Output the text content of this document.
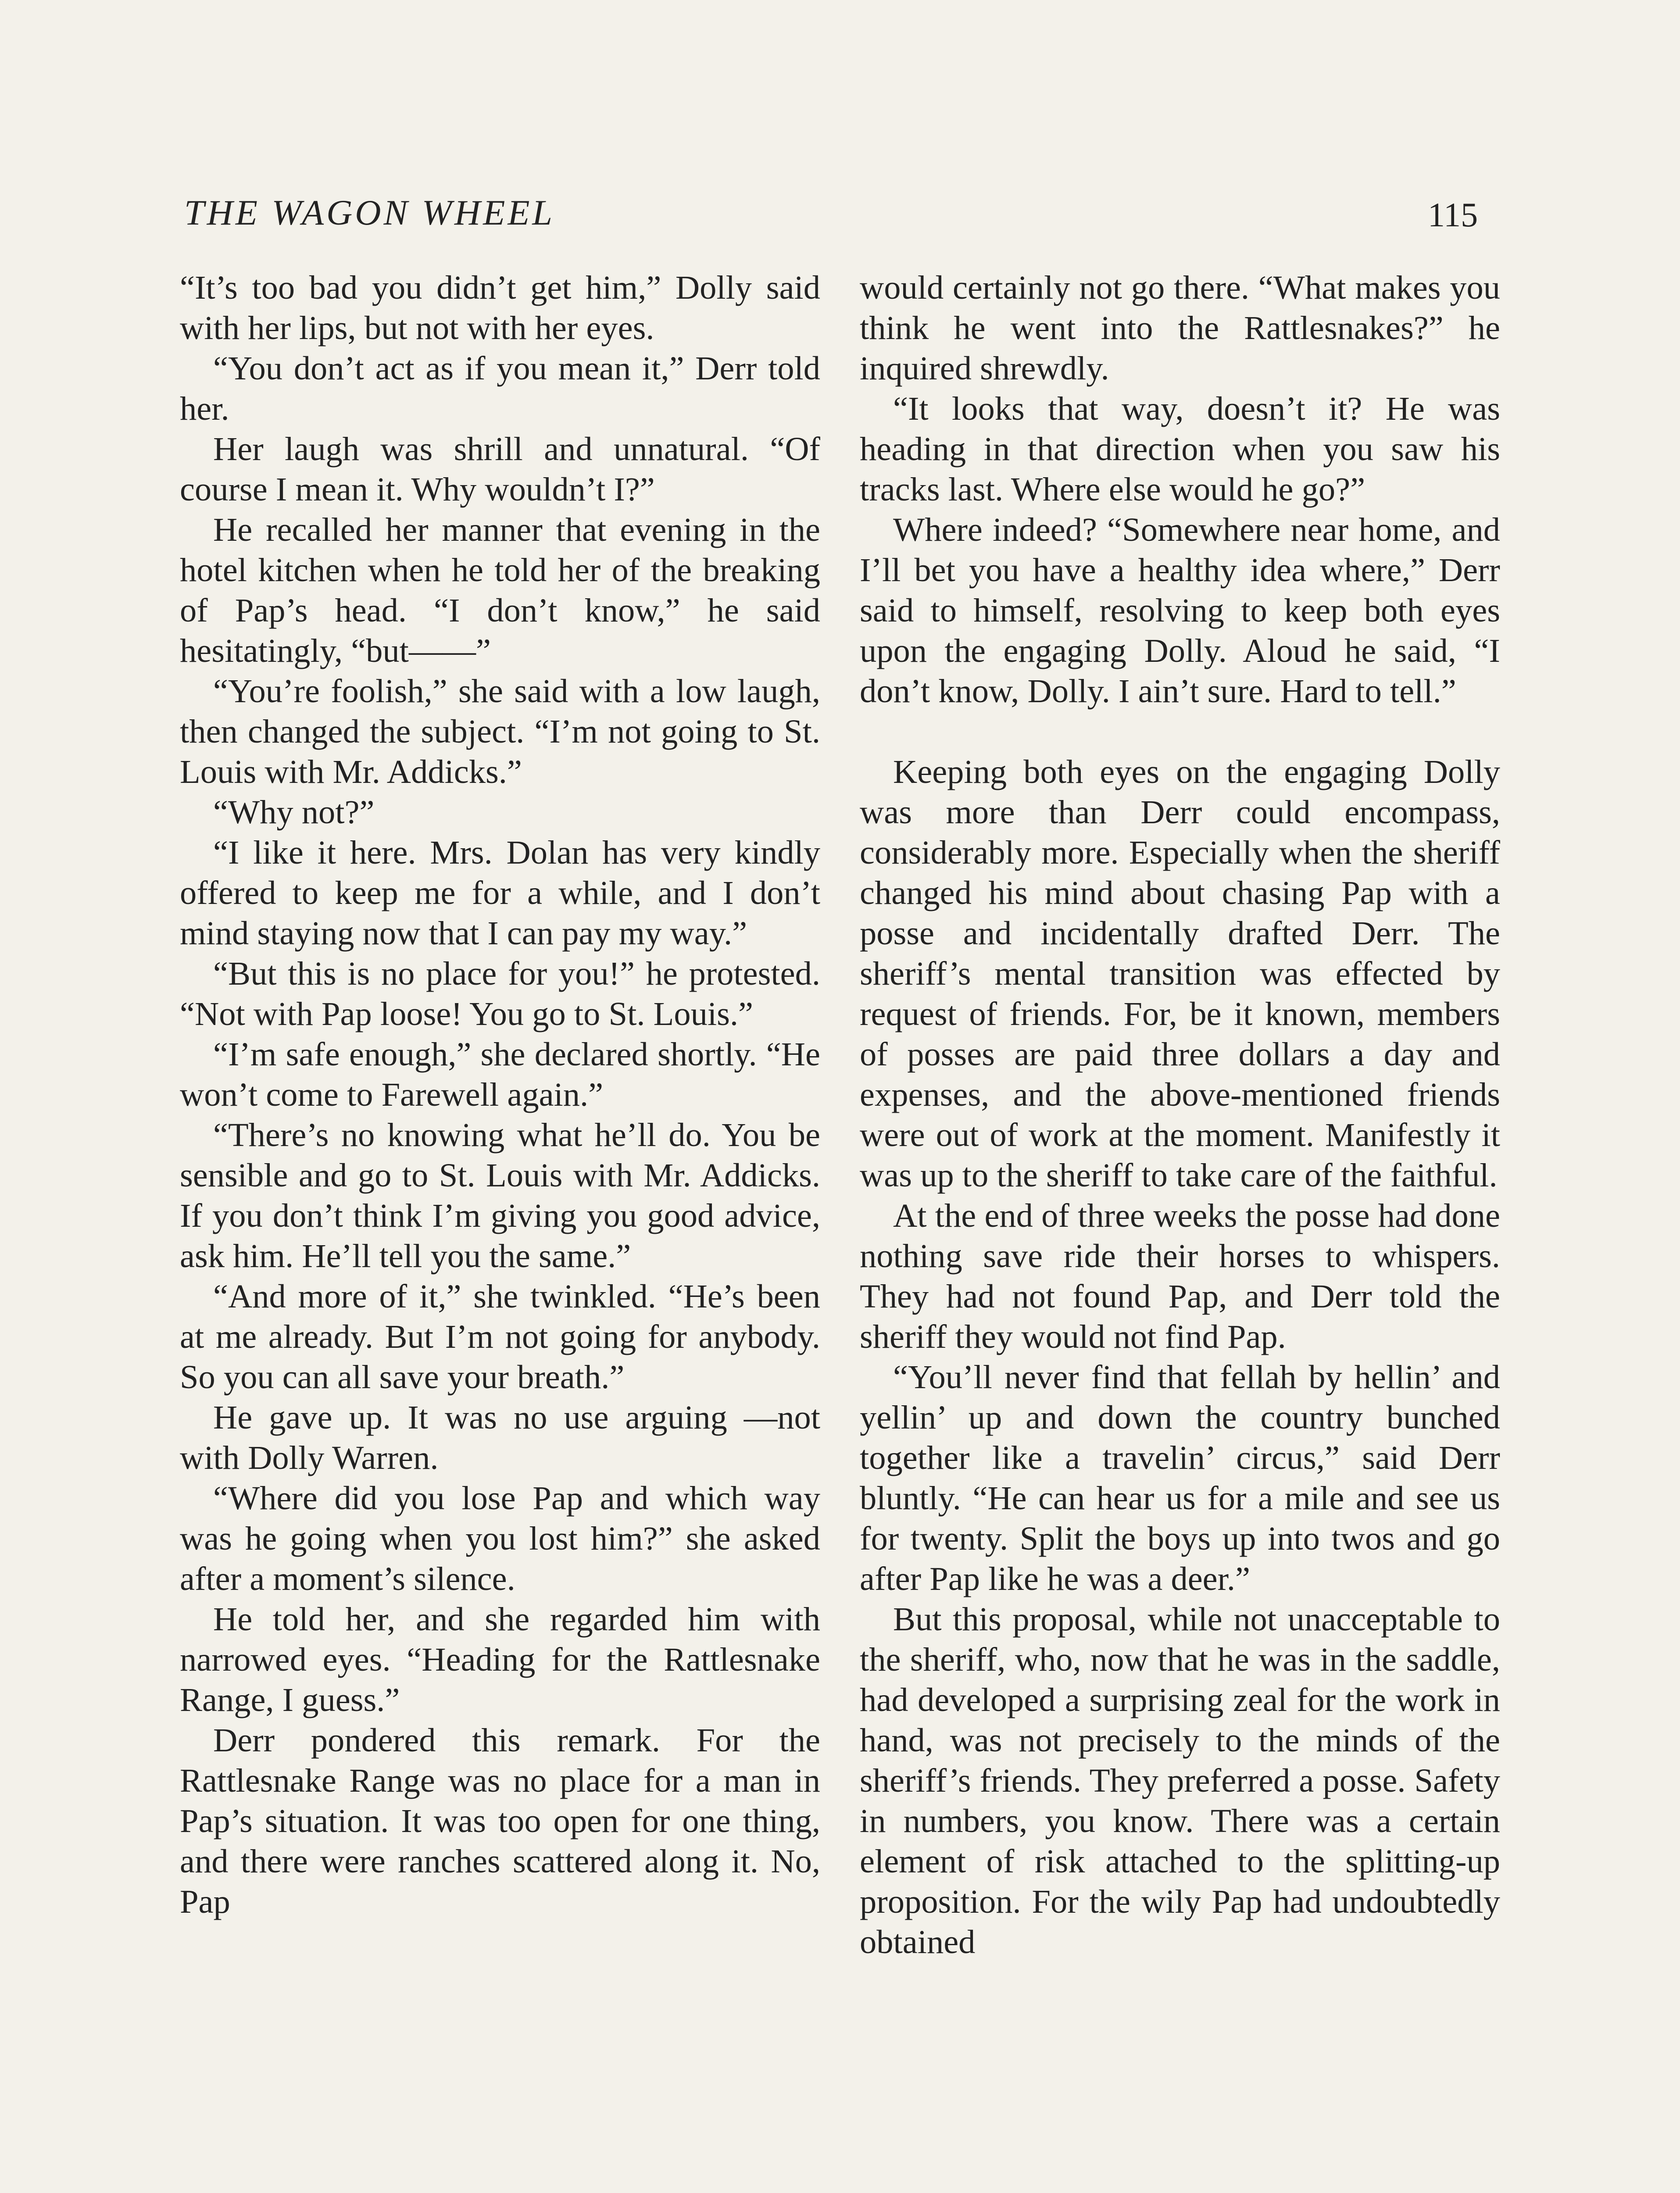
THE WAGON WHEEL	115

“It’s too bad you didn’t get him,” Dolly said with her lips, but not with her eyes.

“You don’t act as if you mean it,” Derr told her.

Her laugh was shrill and unnatural. “Of course I mean it. Why wouldn’t I?”

He recalled her manner that evening in the hotel kitchen when he told her of the breaking of Pap’s head. “I don’t know,” he said hesitatingly, “but——”

“You’re foolish,” she said with a low laugh, then changed the subject. “I’m not going to St. Louis with Mr. Addicks.”

“Why not?”

“I like it here. Mrs. Dolan has very kindly offered to keep me for a while, and I don’t mind staying now that I can pay my way.”

“But this is no place for you!” he protested. “Not with Pap loose! You go to St. Louis.”

“I’m safe enough,” she declared shortly. “He won’t come to Farewell again.”

“There’s no knowing what he’ll do. You be sensible and go to St. Louis with Mr. Addicks. If you don’t think I’m giving you good advice, ask him. He’ll tell you the same.”

“And more of it,” she twinkled. “He’s been at me already. But I’m not going for anybody. So you can all save your breath.”

He gave up. It was no use arguing —not with Dolly Warren.

“Where did you lose Pap and which way was he going when you lost him?” she asked after a moment’s silence.

He told her, and she regarded him with narrowed eyes. “Heading for the Rattlesnake Range, I guess.”

Derr pondered this remark. For the Rattlesnake Range was no place for a man in Pap’s situation. It was too open for one thing, and there were ranches scattered along it. No, Pap

would certainly not go there. “What makes you think he went into the Rattlesnakes?” he inquired shrewdly.

“It looks that way, doesn’t it? He was heading in that direction when you saw his tracks last. Where else would he go?”

Where indeed? “Somewhere near home, and I’ll bet you have a healthy idea where,” Derr said to himself, resolving to keep both eyes upon the engaging Dolly. Aloud he said, “I don’t know, Dolly. I ain’t sure. Hard to tell.”

Keeping both eyes on the engaging Dolly was more than Derr could encompass, considerably more. Especially when the sheriff changed his mind about chasing Pap with a posse and incidentally drafted Derr. The sheriff’s mental transition was effected by request of friends. For, be it known, members of posses are paid three dollars a day and expenses, and the above-mentioned friends were out of work at the moment. Manifestly it was up to the sheriff to take care of the faithful.

At the end of three weeks the posse had done nothing save ride their horses to whispers. They had not found Pap, and Derr told the sheriff they would not find Pap.

“You’ll never find that fellah by hellin’ and yellin’ up and down the country bunched together like a travelin’ circus,” said Derr bluntly. “He can hear us for a mile and see us for twenty. Split the boys up into twos and go after Pap like he was a deer.”

But this proposal, while not unacceptable to the sheriff, who, now that he was in the saddle, had developed a surprising zeal for the work in hand, was not precisely to the minds of the sheriff’s friends. They preferred a posse. Safety in numbers, you know. There was a certain element of risk attached to the splitting-up proposition. For the wily Pap had undoubtedly obtained
